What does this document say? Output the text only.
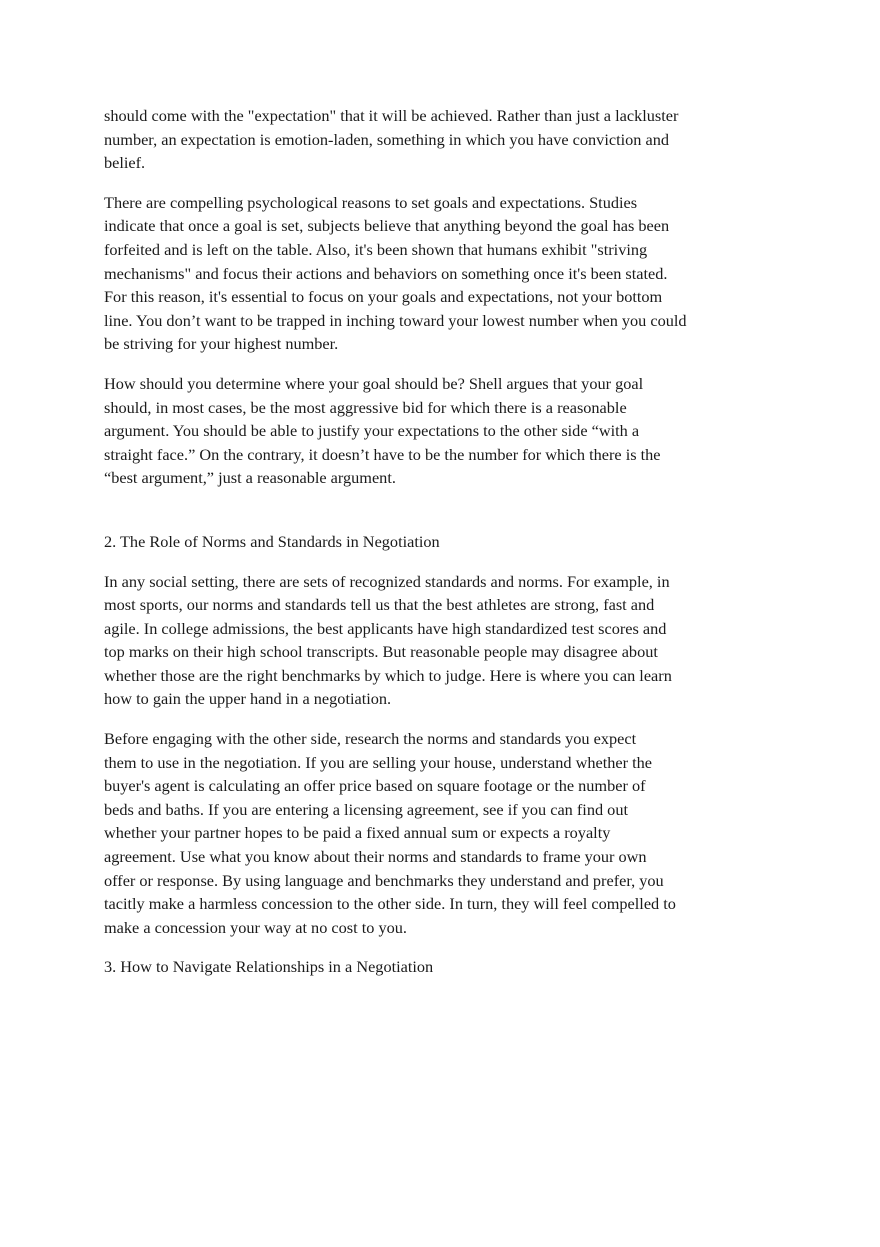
should come with the "expectation" that it will be achieved. Rather than just a lackluster
number, an expectation is emotion-laden, something in which you have conviction and
belief.

There are compelling psychological reasons to set goals and expectations. Studies
indicate that once a goal is set, subjects believe that anything beyond the goal has been
forfeited and is left on the table. Also, it's been shown that humans exhibit "striving
mechanisms" and focus their actions and behaviors on something once it's been stated.
For this reason, it's essential to focus on your goals and expectations, not your bottom
line. You don’t want to be trapped in inching toward your lowest number when you could
be striving for your highest number.

How should you determine where your goal should be? Shell argues that your goal
should, in most cases, be the most aggressive bid for which there is a reasonable
argument. You should be able to justify your expectations to the other side “with a
straight face.” On the contrary, it doesn’t have to be the number for which there is the
“best argument,” just a reasonable argument.

2. The Role of Norms and Standards in Negotiation

In any social setting, there are sets of recognized standards and norms. For example, in
most sports, our norms and standards tell us that the best athletes are strong, fast and
agile. In college admissions, the best applicants have high standardized test scores and
top marks on their high school transcripts. But reasonable people may disagree about
whether those are the right benchmarks by which to judge. Here is where you can learn
how to gain the upper hand in a negotiation.

Before engaging with the other side, research the norms and standards you expect
them to use in the negotiation. If you are selling your house, understand whether the
buyer's agent is calculating an offer price based on square footage or the number of
beds and baths. If you are entering a licensing agreement, see if you can find out
whether your partner hopes to be paid a fixed annual sum or expects a royalty
agreement. Use what you know about their norms and standards to frame your own
offer or response. By using language and benchmarks they understand and prefer, you
tacitly make a harmless concession to the other side. In turn, they will feel compelled to
make a concession your way at no cost to you.

3. How to Navigate Relationships in a Negotiation
